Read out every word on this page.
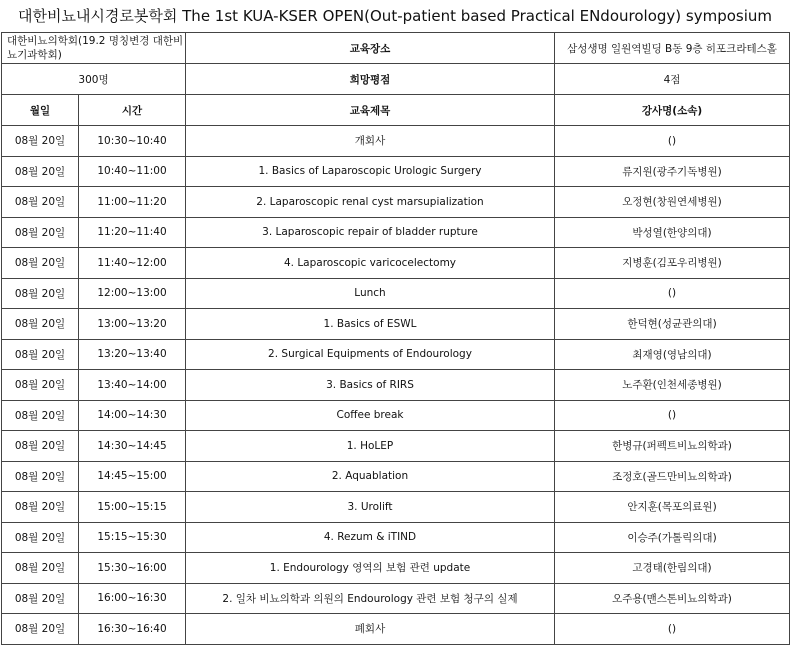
대한비뇨내시경로봇학회 The 1st KUA-KSER OPEN(Out-patient based Practical ENdourology) symposium
대한비뇨의학회(19.2 명칭변경 대한비뇨기과학회)		교육장소	삼성생명 일원역빌딩 B동 9층 히포크라테스홀
300명		희망평점	4점
월일	시간	교육제목	강사명(소속)
08월 20일	10:30~10:40	개회사	()
08월 20일	10:40~11:00	1. Basics of Laparoscopic Urologic Surgery	류지원(광주기독병원)
08월 20일	11:00~11:20	2. Laparoscopic renal cyst marsupialization	오정현(창원연세병원)
08월 20일	11:20~11:40	3. Laparoscopic repair of bladder rupture	박성열(한양의대)
08월 20일	11:40~12:00	4. Laparoscopic varicocelectomy	지병훈(김포우리병원)
08월 20일	12:00~13:00	Lunch	()
08월 20일	13:00~13:20	1. Basics of ESWL	한덕현(성균관의대)
08월 20일	13:20~13:40	2. Surgical Equipments of Endourology	최재영(영남의대)
08월 20일	13:40~14:00	3. Basics of RIRS	노주환(인천세종병원)
08월 20일	14:00~14:30	Coffee break	()
08월 20일	14:30~14:45	1. HoLEP	한병규(퍼펙트비뇨의학과)
08월 20일	14:45~15:00	2. Aquablation	조정호(골드만비뇨의학과)
08월 20일	15:00~15:15	3. Urolift	안지훈(목포의료원)
08월 20일	15:15~15:30	4. Rezum & iTIND	이승주(가톨릭의대)
08월 20일	15:30~16:00	1. Endourology 영역의 보험 관련 update	고경태(한림의대)
08월 20일	16:00~16:30	2. 일차 비뇨의학과 의원의 Endourology 관련 보험 청구의 실제	오주용(맨스톤비뇨의학과)
08월 20일	16:30~16:40	폐회사	()
